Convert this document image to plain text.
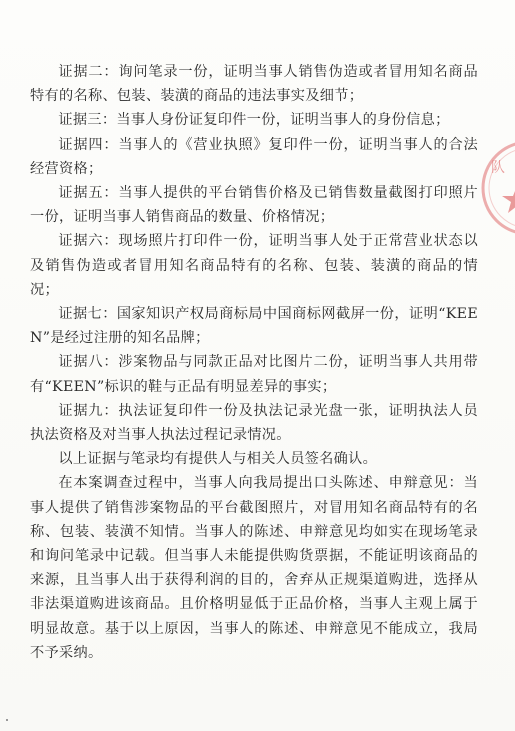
证据二：询问笔录一份，证明当事人销售伪造或者冒用知名商品特有的名称、包装、装潢的商品的违法事实及细节；

证据三：当事人身份证复印件一份，证明当事人的身份信息；

证据四：当事人的《营业执照》复印件一份，证明当事人的合法经营资格；

证据五：当事人提供的平台销售价格及已销售数量截图打印照片一份，证明当事人销售商品的数量、价格情况；

证据六：现场照片打印件一份，证明当事人处于正常营业状态以及销售伪造或者冒用知名商品特有的名称、包装、装潢的商品的情况；

证据七：国家知识产权局商标局中国商标网截屏一份，证明“KEEN”是经过注册的知名品牌；

证据八：涉案物品与同款正品对比图片二份，证明当事人共用带有“KEEN”标识的鞋与正品有明显差异的事实；

证据九：执法证复印件一份及执法记录光盘一张，证明执法人员执法资格及对当事人执法过程记录情况。

以上证据与笔录均有提供人与相关人员签名确认。

在本案调查过程中，当事人向我局提出口头陈述、申辩意见：当事人提供了销售涉案物品的平台截图照片，对冒用知名商品特有的名称、包装、装潢不知情。当事人的陈述、申辩意见均如实在现场笔录和询问笔录中记载。但当事人未能提供购货票据，不能证明该商品的来源，且当事人出于获得利润的目的，舍弃从正规渠道购进，选择从非法渠道购进该商品。且价格明显低于正品价格，当事人主观上属于明显故意。基于以上原因，当事人的陈述、申辩意见不能成立，我局不予采纳。

队
